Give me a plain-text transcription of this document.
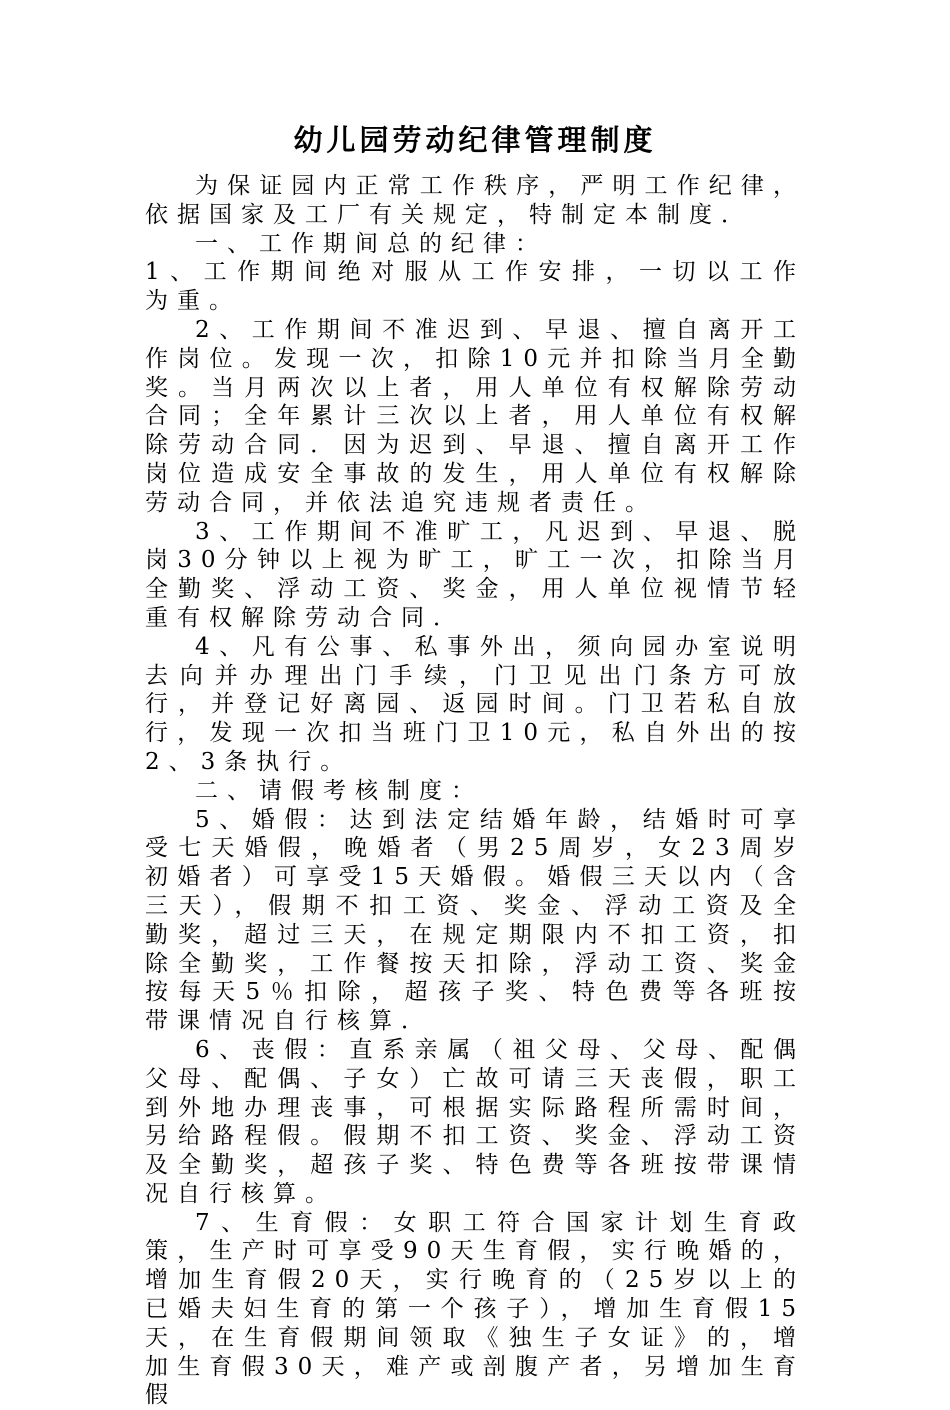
幼儿园劳动纪律管理制度

为保证园内正常工作秩序，严明工作纪律，依据国家及工厂有关规定，特制定本制度．

一、工作期间总的纪律：

1、工作期间绝对服从工作安排，一切以工作为重。

2、工作期间不准迟到、早退、擅自离开工作岗位。发现一次，扣除10元并扣除当月全勤奖。当月两次以上者，用人单位有权解除劳动合同；全年累计三次以上者，用人单位有权解除劳动合同．因为迟到、早退、擅自离开工作岗位造成安全事故的发生，用人单位有权解除劳动合同，并依法追究违规者责任。

3、工作期间不准旷工，凡迟到、早退、脱岗30分钟以上视为旷工，旷工一次，扣除当月全勤奖、浮动工资、奖金，用人单位视情节轻重有权解除劳动合同．

4、凡有公事、私事外出，须向园办室说明去向并办理出门手续，门卫见出门条方可放行，并登记好离园、返园时间。门卫若私自放行，发现一次扣当班门卫10元，私自外出的按2、3条执行。

二、请假考核制度：

5、婚假：达到法定结婚年龄，结婚时可享受七天婚假，晚婚者（男25周岁，女23周岁初婚者）可享受15天婚假。婚假三天以内（含三天），假期不扣工资、奖金、浮动工资及全勤奖，超过三天，在规定期限内不扣工资，扣除全勤奖，工作餐按天扣除，浮动工资、奖金按每天5％扣除，超孩子奖、特色费等各班按带课情况自行核算．

6、丧假：直系亲属（祖父母、父母、配偶父母、配偶、子女）亡故可请三天丧假，职工到外地办理丧事，可根据实际路程所需时间，另给路程假。假期不扣工资、奖金、浮动工资及全勤奖，超孩子奖、特色费等各班按带课情况自行核算。

7、生育假：女职工符合国家计划生育政策，生产时可享受90天生育假，实行晚婚的，增加生育假20天，实行晚育的（25岁以上的已婚夫妇生育的第一个孩子），增加生育假15天，在生育假期间领取《独生子女证》的，增加生育假30天，难产或剖腹产者，另增加生育假
